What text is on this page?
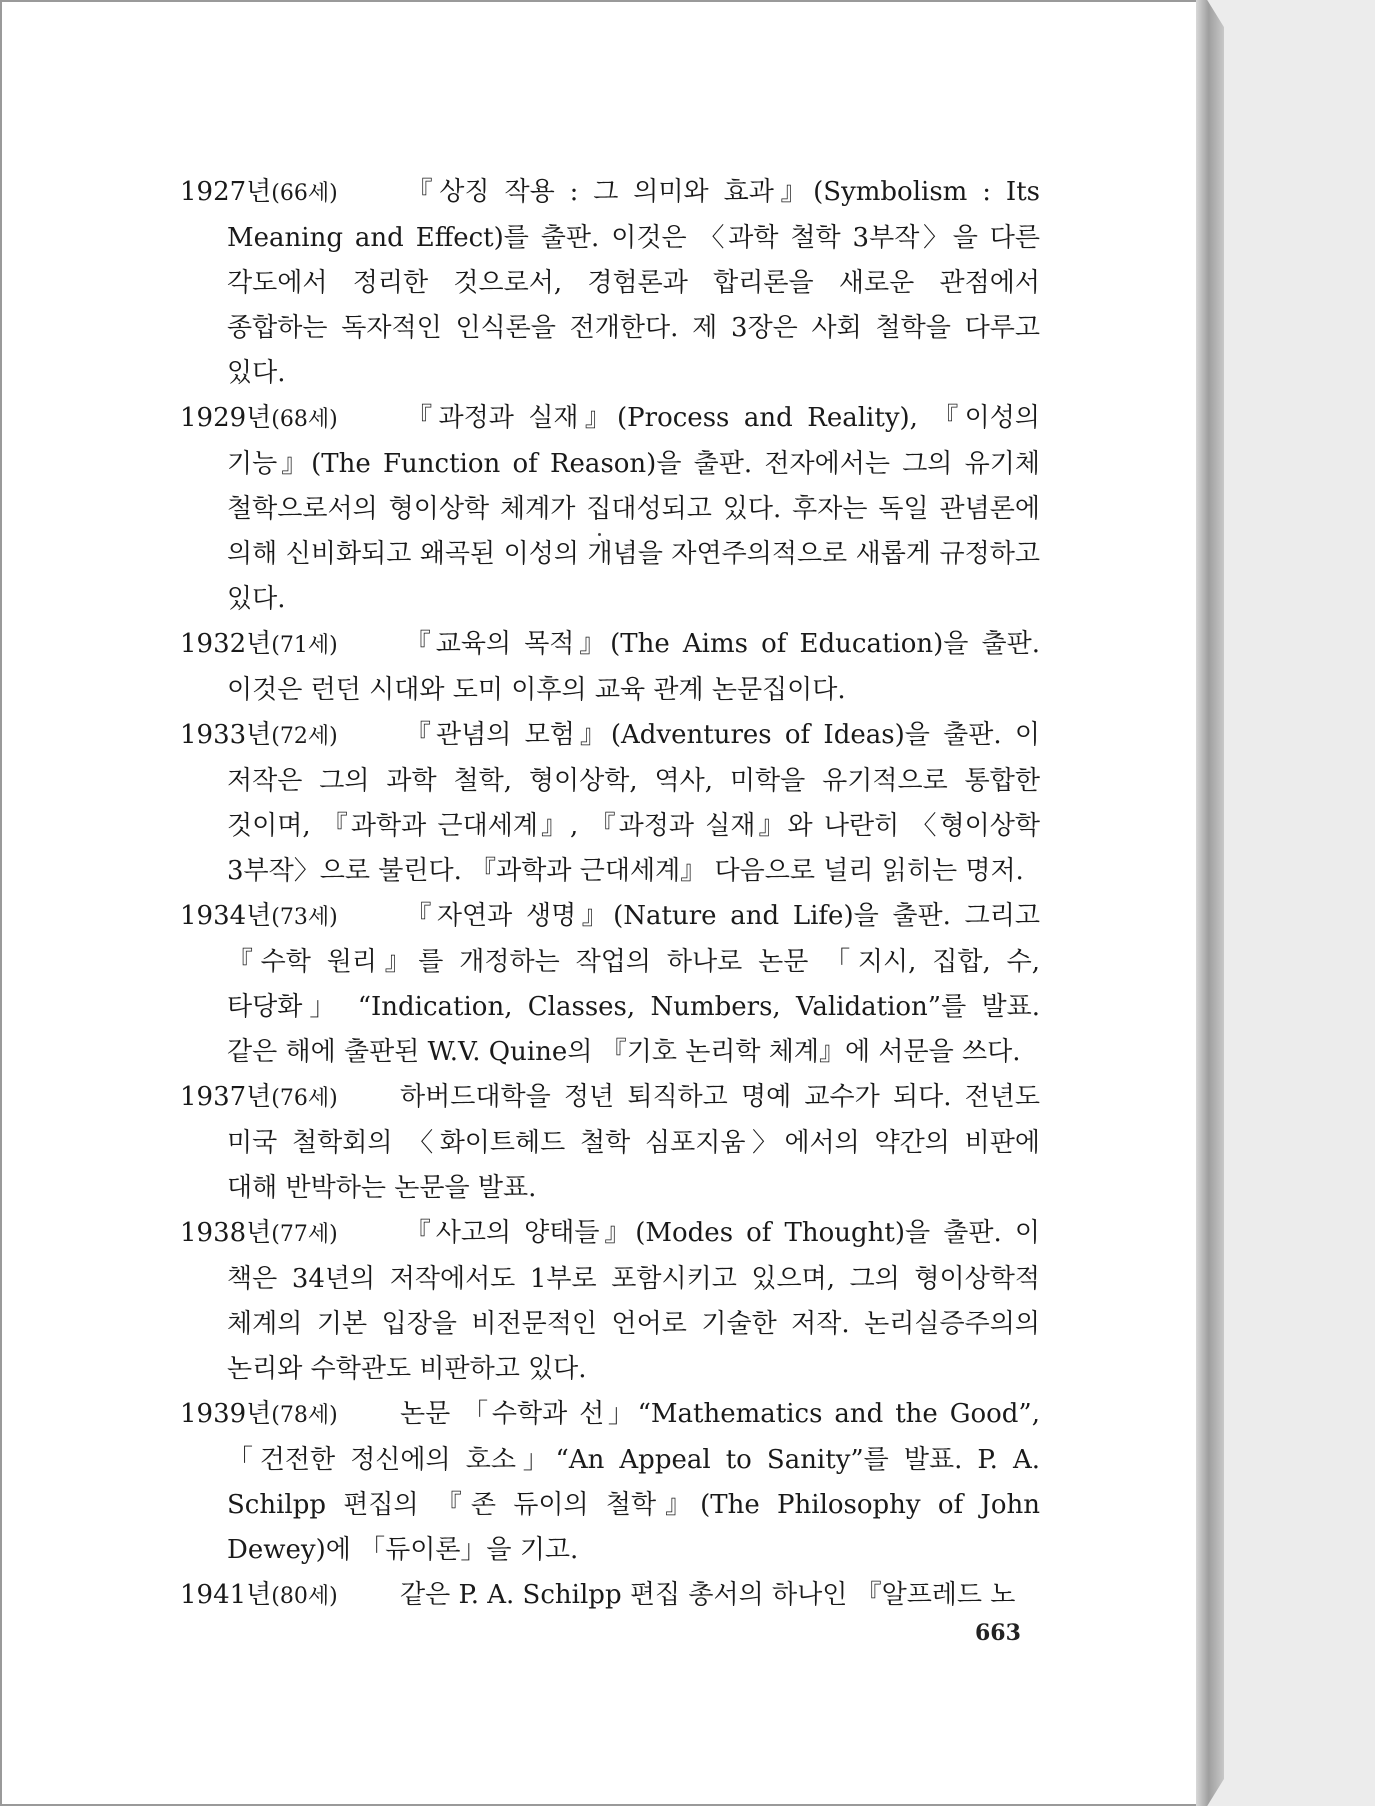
1927년(66세) 『상징 작용 : 그 의미와 효과』(Symbolism : Its Meaning and Effect)를 출판. 이것은 〈과학 철학 3부작〉을 다른 각도에서 정리한 것으로서, 경험론과 합리론을 새로운 관점에서 종합하는 독자적인 인식론을 전개한다. 제 3장은 사회 철학을 다루고 있다.
1929년(68세) 『과정과 실재』(Process and Reality), 『이성의 기능』(The Function of Reason)을 출판. 전자에서는 그의 유기체 철학으로서의 형이상학 체계가 집대성되고 있다. 후자는 독일 관념론에 의해 신비화되고 왜곡된 이성의 개념을 자연주의적으로 새롭게 규정하고 있다.
1932년(71세) 『교육의 목적』(The Aims of Education)을 출판. 이것은 런던 시대와 도미 이후의 교육 관계 논문집이다.
1933년(72세) 『관념의 모험』(Adventures of Ideas)을 출판. 이 저작은 그의 과학 철학, 형이상학, 역사, 미학을 유기적으로 통합한 것이며, 『과학과 근대세계』, 『과정과 실재』와 나란히 〈형이상학 3부작〉으로 불린다. 『과학과 근대세계』 다음으로 널리 읽히는 명저.
1934년(73세) 『자연과 생명』(Nature and Life)을 출판. 그리고 『수학 원리』를 개정하는 작업의 하나로 논문 「지시, 집합, 수, 타당화」 “Indication, Classes, Numbers, Validation”를 발표. 같은 해에 출판된 W.V. Quine의 『기호 논리학 체계』에 서문을 쓰다.
1937년(76세) 하버드대학을 정년 퇴직하고 명예 교수가 되다. 전년도 미국 철학회의 〈화이트헤드 철학 심포지움〉에서의 약간의 비판에 대해 반박하는 논문을 발표.
1938년(77세) 『사고의 양태들』(Modes of Thought)을 출판. 이 책은 34년의 저작에서도 1부로 포함시키고 있으며, 그의 형이상학적 체계의 기본 입장을 비전문적인 언어로 기술한 저작. 논리실증주의의 논리와 수학관도 비판하고 있다.
1939년(78세) 논문 「수학과 선」“Mathematics and the Good”, 「건전한 정신에의 호소」“An Appeal to Sanity”를 발표. P. A. Schilpp 편집의 『존 듀이의 철학』(The Philosophy of John Dewey)에 「듀이론」을 기고.
1941년(80세) 같은 P. A. Schilpp 편집 총서의 하나인 『알프레드 노
663
